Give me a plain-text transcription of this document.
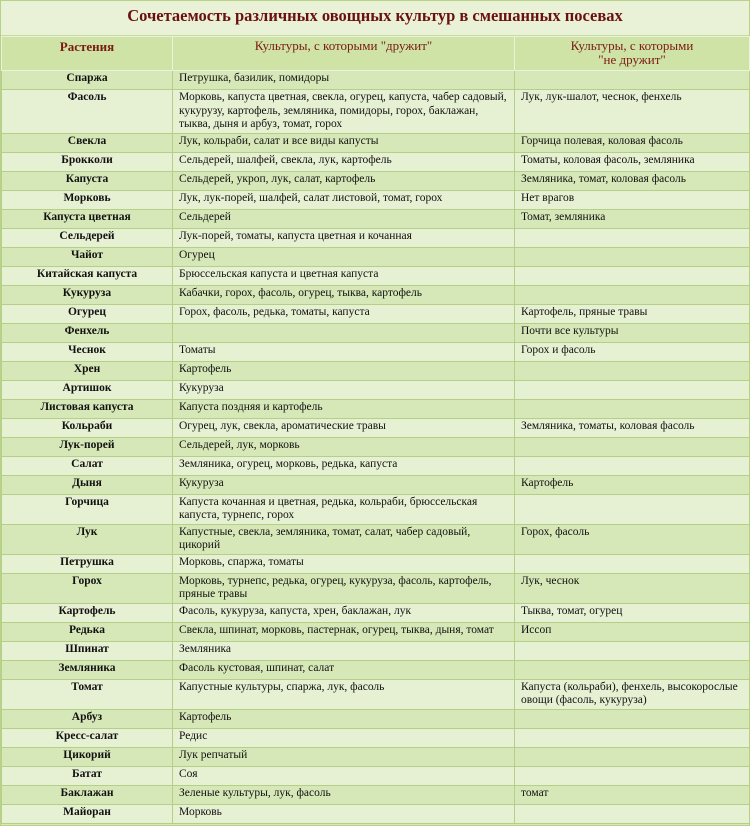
Сочетаемость различных овощных культур в смешанных посевах
Растения	Культуры, с которыми "дружит"	Культуры, с которыми
"не дружит"
Спаржа	Петрушка, базилик, помидоры	
Фасоль	Морковь, капуста цветная, свекла, огурец, капуста, чабер садовый, кукурузу, картофель, земляника, помидоры, горох, баклажан, тыква, дыня и арбуз, томат, горох	Лук, лук-шалот, чеснок, фенхель
Свекла	Лук, кольраби, салат и все виды капусты	Горчица полевая, коловая фасоль
Брокколи	Сельдерей, шалфей, свекла, лук, картофель	Томаты, коловая фасоль, земляника
Капуста	Сельдерей, укроп, лук, салат, картофель	Земляника, томат, коловая фасоль
Морковь	Лук, лук-порей, шалфей, салат листовой, томат, горох	Нет врагов
Капуста цветная	Сельдерей	Томат, земляника
Сельдерей	Лук-порей, томаты, капуста цветная и кочанная	
Чайот	Огурец	
Китайская капуста	Брюссельская капуста и цветная капуста	
Кукуруза	Кабачки, горох, фасоль, огурец, тыква, картофель	
Огурец	Горох, фасоль, редька, томаты, капуста	Картофель, пряные травы
Фенхель		Почти все культуры
Чеснок	Томаты	Горох и фасоль
Хрен	Картофель	
Артишок	Кукуруза	
Листовая капуста	Капуста поздняя и картофель	
Кольраби	Огурец, лук, свекла, ароматические травы	Земляника, томаты, коловая фасоль
Лук-порей	Сельдерей, лук, морковь	
Салат	Земляника, огурец, морковь, редька, капуста	
Дыня	Кукуруза	Картофель
Горчица	Капуста кочанная и цветная, редька, кольраби, брюссельская капуста, турнепс, горох	
Лук	Капустные, свекла, земляника, томат, салат, чабер садовый, цикорий	Горох, фасоль
Петрушка	Морковь, спаржа, томаты	
Горох	Морковь, турнепс, редька, огурец, кукуруза, фасоль, картофель, пряные травы	Лук, чеснок
Картофель	Фасоль, кукуруза, капуста, хрен, баклажан, лук	Тыква, томат, огурец
Редька	Свекла, шпинат, морковь, пастернак, огурец, тыква, дыня, томат	Иссоп
Шпинат	Земляника	
Земляника	Фасоль кустовая, шпинат, салат	
Томат	Капустные культуры, спаржа, лук, фасоль	Капуста (кольраби), фенхель, высокорослые овощи (фасоль, кукуруза)
Арбуз	Картофель	
Кресс-салат	Редис	
Цикорий	Лук репчатый	
Батат	Соя	
Баклажан	Зеленые культуры, лук, фасоль	томат
Майоран	Морковь	
